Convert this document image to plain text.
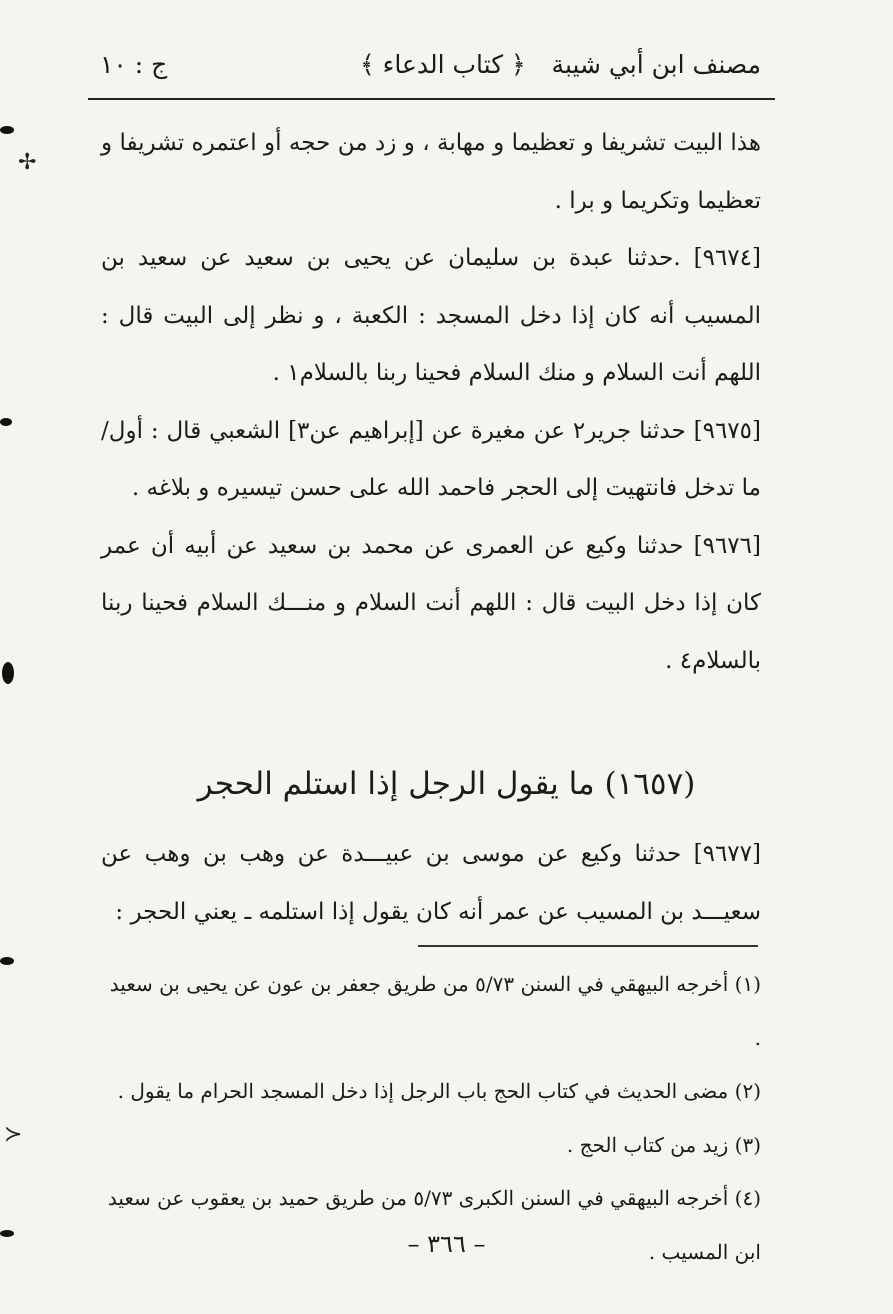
مصنف ابن أبي شيبة
﴿ كتاب الدعاء ﴾
ج : ١٠

هذا البيت تشريفا و تعظيما و مهابة ، و زد من حجه أو اعتمره تشريفا و تعظيما وتكريما و برا .

[٩٦٧٤] .حدثنا عبدة بن سليمان عن يحيى بن سعيد عن سعيد بن المسيب أنه كان إذا دخل المسجد : الكعبة ، و نظر إلى البيت قال : اللهم أنت السلام و منك السلام فحينا ربنا بالسلام١ .

[٩٦٧٥] حدثنا جرير٢ عن مغيرة عن [إبراهيم عن٣] الشعبي قال : أول/ ما تدخل فانتهيت إلى الحجر فاحمد الله على حسن تيسيره و بلاغه .

[٩٦٧٦] حدثنا وكيع عن العمرى عن محمد بن سعيد عن أبيه أن عمر كان إذا دخل البيت قال : اللهم أنت السلام و منـــك السلام فحينا ربنا بالسلام٤ .

(١٦٥٧) ما يقول الرجل إذا استلم الحجر

[٩٦٧٧] حدثنا وكيع عن موسى بن عبيـــدة عن وهب بن وهب عن سعيـــد بن المسيب عن عمر أنه كان يقول إذا استلمه ـ يعني الحجر :

(١) أخرجه البيهقي في السنن ٥/٧٣ من طريق جعفر بن عون عن يحيى بن سعيد .

(٢) مضى الحديث في كتاب الحج باب الرجل إذا دخل المسجد الحرام ما يقول .

(٣) زيد من كتاب الحج .

(٤) أخرجه البيهقي في السنن الكبرى ٥/٧٣ من طريق حميد بن يعقوب عن سعيد ابن المسيب .

– ٣٦٦ –
✢
≻
